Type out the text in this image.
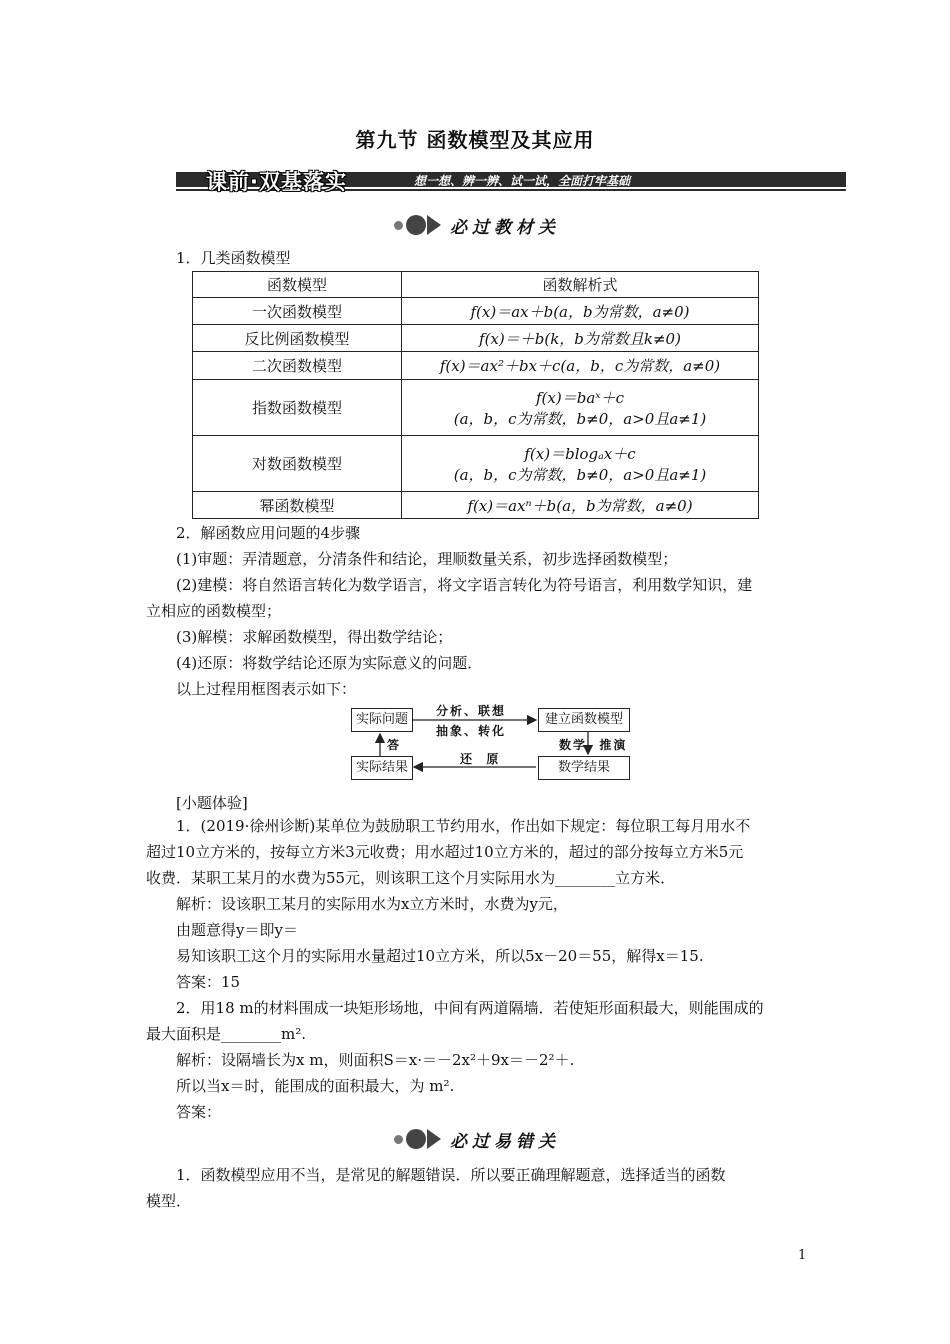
第九节 函数模型及其应用
课前·双基落实	想一想、辨一辨、试一试，全面打牢基础
必过教材关
1．几类函数模型
函数模型	函数解析式
一次函数模型	f(x)＝ax＋b(a，b为常数，a≠0)
反比例函数模型	f(x)＝＋b(k，b为常数且k≠0)
二次函数模型	f(x)＝ax²＋bx＋c(a，b，c为常数，a≠0)
指数函数模型	f(x)＝baˣ＋c
(a，b，c为常数，b≠0，a>0且a≠1)

对数函数模型	f(x)＝blogₐx＋c
(a，b，c为常数，b≠0，a>0且a≠1)

幂函数模型	f(x)＝axⁿ＋b(a，b为常数，a≠0)
2．解函数应用问题的4步骤
(1)审题：弄清题意，分清条件和结论，理顺数量关系，初步选择函数模型；
(2)建模：将自然语言转化为数学语言，将文字语言转化为符号语言，利用数学知识，建
立相应的函数模型；
(3)解模：求解函数模型，得出数学结论；
(4)还原：将数学结论还原为实际意义的问题．
以上过程用框图表示如下：
实际问题	建立函数模型
实际结果	数学结果
分析、联想
抽象、转化
数学  推演
还  原
答
[小题体验]
1．(2019·徐州诊断)某单位为鼓励职工节约用水，作出如下规定：每位职工每月用水不
超过10立方米的，按每立方米3元收费；用水超过10立方米的，超过的部分按每立方米5元
收费．某职工某月的水费为55元，则该职工这个月实际用水为________立方米．
解析：设该职工某月的实际用水为x立方米时，水费为y元，
由题意得y＝即y＝
易知该职工这个月的实际用水量超过10立方米，所以5x－20＝55，解得x＝15.
答案：15
2．用18 m的材料围成一块矩形场地，中间有两道隔墙．若使矩形面积最大，则能围成的
最大面积是________m².
解析：设隔墙长为x m，则面积S＝x·＝－2x²＋9x＝－2²＋.
所以当x＝时，能围成的面积最大，为 m².
答案：
必过易错关
1．函数模型应用不当，是常见的解题错误．所以要正确理解题意，选择适当的函数
模型．
1
